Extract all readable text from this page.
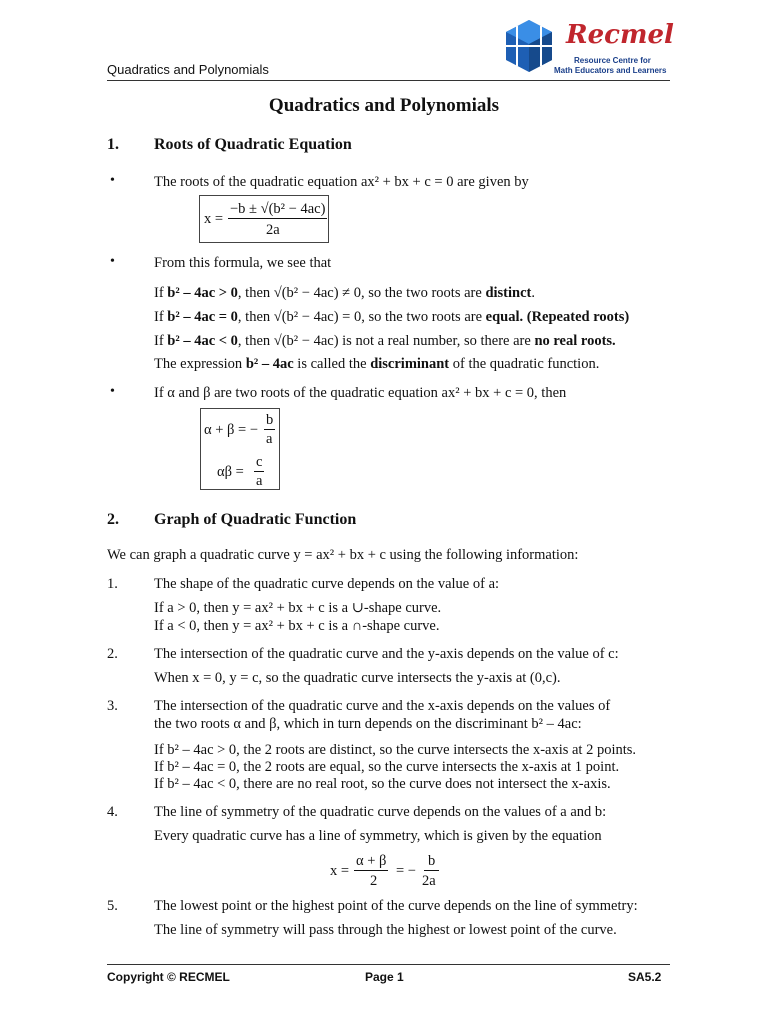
Quadratics and Polynomials
Recmel
Resource Centre for
Math Educators and Learners
Quadratics and Polynomials
1. Roots of Quadratic Equation
•	The roots of the quadratic equation ax² + bx + c = 0 are given by
x =
−b ± √(b² − 4ac)
2a
•	From this formula, we see that
If b² – 4ac > 0, then √(b² − 4ac) ≠ 0, so the two roots are distinct.
If b² – 4ac = 0, then √(b² − 4ac) = 0, so the two roots are equal. (Repeated roots)
If b² – 4ac < 0, then √(b² − 4ac) is not a real number, so there are no real roots.
The expression b² – 4ac is called the discriminant of the quadratic function.
•	If α and β are two roots of the quadratic equation ax² + bx + c = 0, then
α + β = −
b
a
αβ =
c
a
2. Graph of Quadratic Function
We can graph a quadratic curve y = ax² + bx + c using the following information:
1. The shape of the quadratic curve depends on the value of a:
If a > 0, then y = ax² + bx + c is a ∪-shape curve.
If a < 0, then y = ax² + bx + c is a ∩-shape curve.
2. The intersection of the quadratic curve and the y-axis depends on the value of c:
When x = 0, y = c, so the quadratic curve intersects the y-axis at (0,c).
3. The intersection of the quadratic curve and the x-axis depends on the values of
the two roots α and β, which in turn depends on the discriminant b² – 4ac:
If b² – 4ac > 0, the 2 roots are distinct, so the curve intersects the x-axis at 2 points.
If b² – 4ac = 0, the 2 roots are equal, so the curve intersects the x-axis at 1 point.
If b² – 4ac < 0, there are no real root, so the curve does not intersect the x-axis.
4. The line of symmetry of the quadratic curve depends on the values of a and b:
Every quadratic curve has a line of symmetry, which is given by the equation
x =
α + β
2
= −
b
2a
5. The lowest point or the highest point of the curve depends on the line of symmetry:
The line of symmetry will pass through the highest or lowest point of the curve.
Copyright © RECMEL	Page 1	SA5.2
